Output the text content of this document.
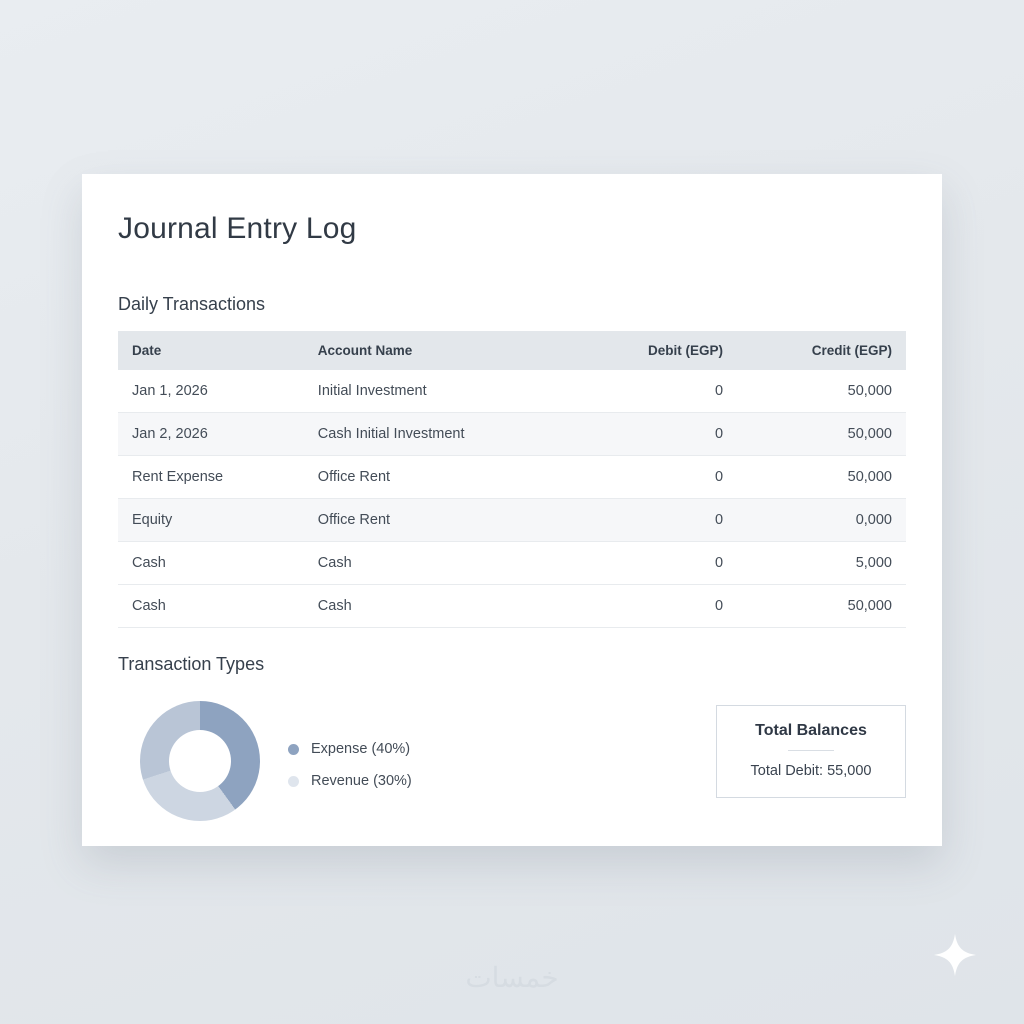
Journal Entry Log
Daily Transactions
Date	Account Name	Debit (EGP)	Credit (EGP)
Jan 1, 2026	Initial Investment	0	50,000
Jan 2, 2026	Cash Initial Investment	0	50,000
Rent Expense	Office Rent	0	50,000
Equity	Office Rent	0	0,000
Cash	Cash	0	5,000
Cash	Cash	0	50,000
Transaction Types
Expense (40%)
Revenue (30%)
Total Balances
Total Debit: 55,000
خمسات
